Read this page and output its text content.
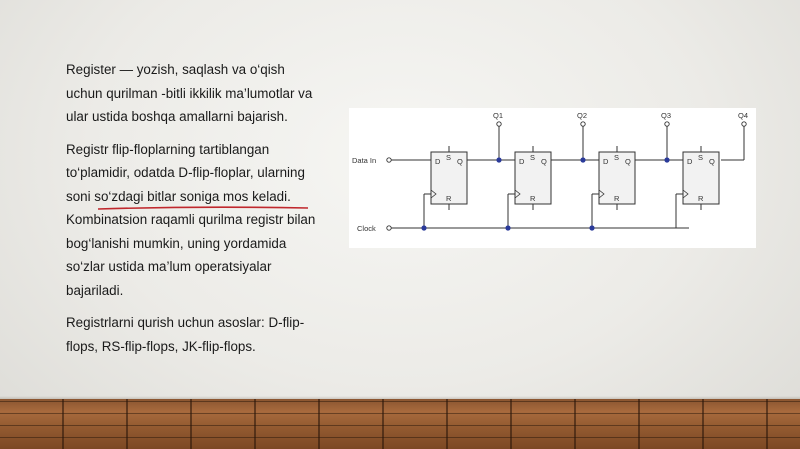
Register — yozish, saqlash va o‘qish uchun qurilman -bitli ikkilik ma’lumotlar va ular ustida boshqa amallarni bajarish.

Registr flip-floplarning tartiblangan to‘plamidir, odatda D-flip-floplar, ularning soni so‘zdagi bitlar soniga mos keladi. Kombinatsion raqamli qurilma registr bilan bog‘lanishi mumkin, uning yordamida so‘zlar ustida ma’lum operatsiyalar bajariladi.

Registrlarni qurish uchun asoslar: D-flip-flops, RS-flip-flops, JK-flip-flops.

D S Q
R
D S Q
R
D S Q
R
D S Q
R
Data In
Clock
Q1	Q2	Q3	Q4
